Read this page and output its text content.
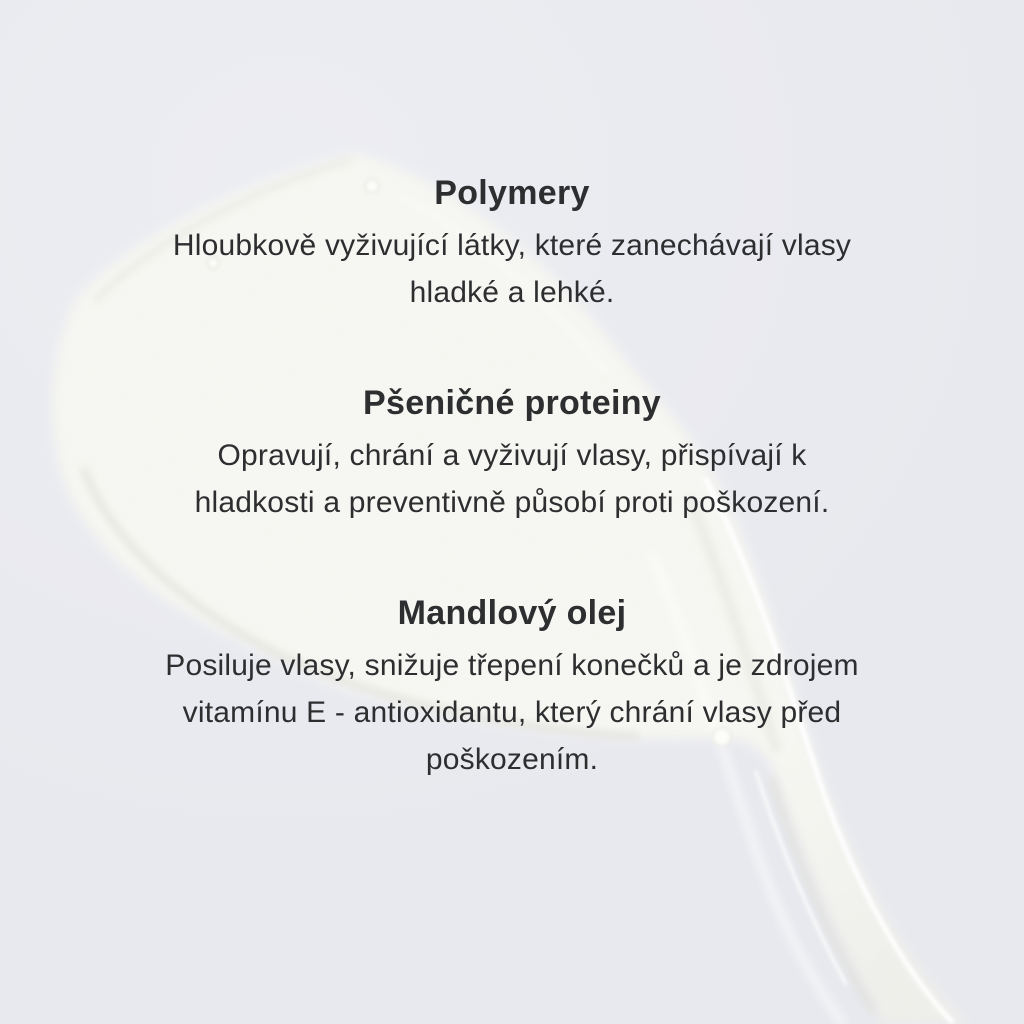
Polymery
Hloubkově vyživující látky, které zanechávají vlasy
hladké a lehké.
Pšeničné proteiny
Opravují, chrání a vyživují vlasy, přispívají k
hladkosti a preventivně působí proti poškození.
Mandlový olej
Posiluje vlasy, snižuje třepení konečků a je zdrojem
vitamínu E - antioxidantu, který chrání vlasy před
poškozením.
